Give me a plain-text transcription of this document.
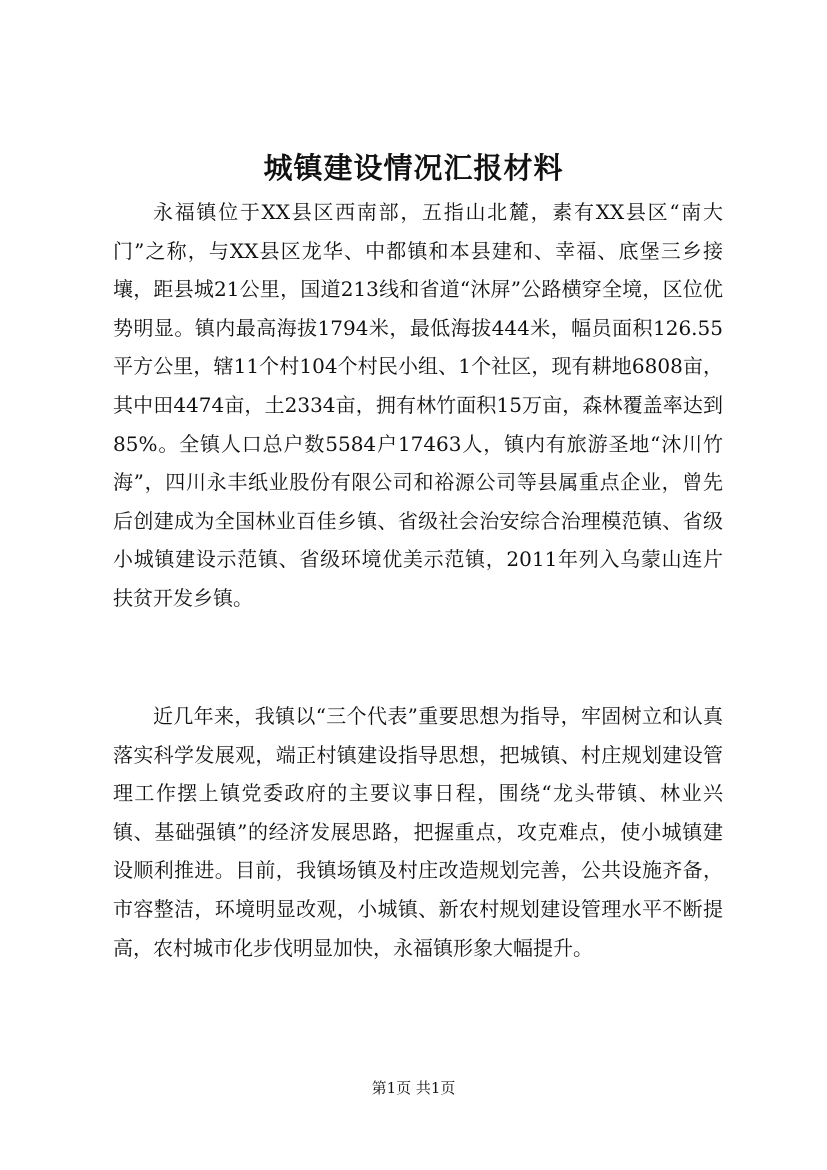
城镇建设情况汇报材料

永福镇位于XX县区西南部，五指山北麓，素有XX县区“南大门”之称，与XX县区龙华、中都镇和本县建和、幸福、底堡三乡接壤，距县城21公里，国道213线和省道“沐屏”公路横穿全境，区位优势明显。镇内最高海拔1794米，最低海拔444米，幅员面积126.55平方公里，辖11个村104个村民小组、1个社区，现有耕地6808亩，其中田4474亩，土2334亩，拥有林竹面积15万亩，森林覆盖率达到85%。全镇人口总户数5584户17463人，镇内有旅游圣地“沐川竹海”，四川永丰纸业股份有限公司和裕源公司等县属重点企业，曾先后创建成为全国林业百佳乡镇、省级社会治安综合治理模范镇、省级小城镇建设示范镇、省级环境优美示范镇，2011年列入乌蒙山连片扶贫开发乡镇。

近几年来，我镇以“三个代表”重要思想为指导，牢固树立和认真落实科学发展观，端正村镇建设指导思想，把城镇、村庄规划建设管理工作摆上镇党委政府的主要议事日程，围绕“龙头带镇、林业兴镇、基础强镇”的经济发展思路，把握重点，攻克难点，使小城镇建设顺利推进。目前，我镇场镇及村庄改造规划完善，公共设施齐备，市容整洁，环境明显改观，小城镇、新农村规划建设管理水平不断提高，农村城市化步伐明显加快，永福镇形象大幅提升。

第1页 共1页
